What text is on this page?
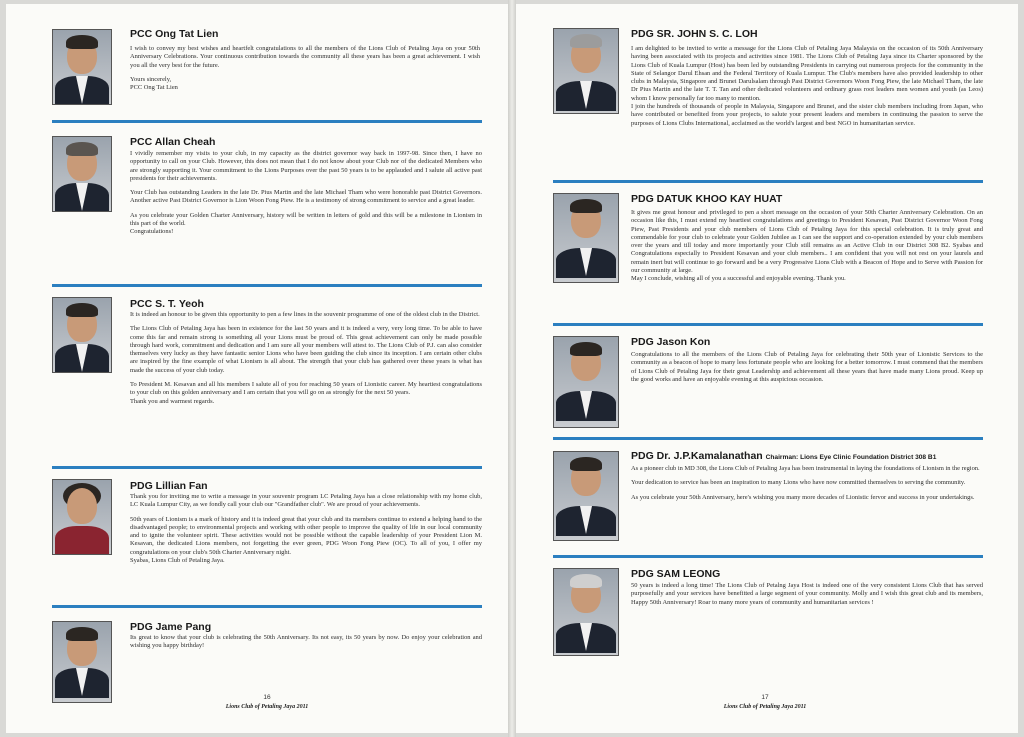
PCC Ong Tat Lien

I wish to convey my best wishes and heartfelt congratulations to all the members of the Lions Club of Petaling Jaya on your 50th Anniversary Celebrations. Your continuous contribution towards the community all these years has been a great achievement. I wish you all the very best for the future.

Yours sincerely,
PCC Ong Tat Lien

PCC Allan Cheah

I vividly remember my visits to your club, in my capacity as the district governor way back in 1997-98. Since then, I have no opportunity to call on your Club. However, this does not mean that I do not know about your Club nor of the dedicated Members who are strongly supporting it. Your commitment to the Lions Purposes over the past 50 years is to be applauded and I salute all active past presidents for their achievements.

Your Club has outstanding Leaders in the late Dr. Pius Martin and the late Michael Tham who were honorable past District Governors. Another active Past District Governor is Lion Woon Fong Piew. He is a testimony of strong commitment to service and a great leader.

As you celebrate your Golden Charter Anniversary, history will be written in letters of gold and this will be a milestone in Lionism in this part of the world.
Congratulations!

PCC S. T. Yeoh

It is indeed an honour to be given this opportunity to pen a few lines in the souvenir programme of one of the oldest club in the District.

The Lions Club of Petaling Jaya has been in existence for the last 50 years and it is indeed a very, very long time. To be able to have come this far and remain strong is something all your Lions must be proud of. This great achievement can only be made possible through hard work, commitment and dedication and I am sure all your members will attest to. The Lions Club of P.J. can also consider themselves very lucky as they have fantastic senior Lions who have been guiding the club since its inception. I am certain other clubs are inspired by the fine example of what Lionism is all about. The strength that your club has gathered over these years is what has made the success of your club today.

To President M. Kesavan and all his members I salute all of you for reaching 50 years of Lionistic career. My heartiest congratulations to your club on this golden anniversary and I am certain that you will go on as strongly for the next 50 years.
Thank you and warmest regards.

PDG Lillian Fan

Thank you for inviting me to write a message in your souvenir program LC Petaling Jaya has a close relationship with my home club, LC Kuala Lumpur City, as we fondly call your club our "Grandfather club". We are proud of your achievements.

50th years of Lionism is a mark of history and it is indeed great that your club and its members continue to extend a helping hand to the disadvantaged people; to environmental projects and working with other people to improve the quality of life in our local community and to ignite the volunteer spirit. These activities would not be possible without the capable leadership of your President Lion M. Kesavan, the dedicated Lions members, not forgetting the ever green, PDG Woon Fong Piew (OC). To all of you, I offer my congratulations on your club's 50th Charter Anniversary night.
Syabas, Lions Club of Petaling Jaya.

PDG Jame Pang

Its great to know that your club is celebrating the 50th Anniversary. Its not easy, its 50 years by now. Do enjoy your celebration and wishing you happy birthday!

16
Lions Club of Petaling Jaya 2011
PDG SR. JOHN S. C. LOH

I am delighted to be invited to write a message for the Lions Club of Petaling Jaya Malaysia on the occasion of its 50th Anniversary having been associated with its projects and activities since 1981. The Lions Club of Petaling Jaya since its Charter sponsored by the Lions Club of Kuala Lumpur (Host) has been led by outstanding Presidents in carrying out numerous projects for the community in the State of Selangor Darul Ehsan and the Federal Territory of Kuala Lumpur. The Club's members have also provided leadership to other clubs in Malaysia, Singapore and Brunei Darulsalam through Past District Governors Woon Fong Piew, the late Michael Tham, the late Dr Pius Martin and the late T. T. Tan and other dedicated volunteers and ordinary grass root leaders men women and youth (as Leos) whom I know personally far too many to mention.
I join the hundreds of thousands of people in Malaysia, Singapore and Brunei, and the sister club members including from Japan, who have contributed or benefited from your projects, to salute your present leaders and members in continuing the passion to serve the purposes of Lions Clubs International, acclaimed as the world's largest and best NGO in humanitarian service.

PDG DATUK KHOO KAY HUAT

It gives me great honour and privileged to pen a short message on the occasion of your 50th Charter Anniversary Celebration. On an occasion like this, I must extend my heartiest congratulations and greetings to President Kesavan, Past District Governor Woon Fong Piew, Past Presidents and your club members of Lions Club of Petaling Jaya for this special celebration. It is truly great and commendable for your club to celebrate your Golden Jubilee as I can see the support and co-operation extended by your club members over the years and till today and more importantly your Club still remains as an Active Club in our District 308 B2. Syabas and Congratulations especially to President Kesavan and your club members.. I am confident that you will not rest on your laurels and remain inert but will continue to go forward and be a very Progressive Lions Club with a Beacon of Hope and to Serve with Passion for our community at large.
May I conclude, wishing all of you a successful and enjoyable evening. Thank you.

PDG Jason Kon

Congratulations to all the members of the Lions Club of Petaling Jaya for celebrating their 50th year of Lionistic Services to the community as a beacon of hope to many less fortunate people who are looking for a better tomorrow. I must commend that the members of Lions Club of Petaling Jaya for their great Leadership and achievement all these years that have made many Lions proud. Keep up the good works and have an enjoyable evening at this auspicious occasion.

PDG Dr. J.P.Kamalanathan Chairman: Lions Eye Clinic Foundation District 308 B1

As a pioneer club in MD 308, the Lions Club of Petaling Jaya has been instrumental in laying the foundations of Lionism in the region.

Your dedication to service has been an inspiration to many Lions who have now committed themselves to serving the community.

As you celebrate your 50th Anniversary, here's wishing you many more decades of Lionistic fervor and success in your undertakings.

PDG SAM LEONG

50 years is indeed a long time! The Lions Club of Petalng Jaya Host is indeed one of the very consistent Lions Club that has served purposefully and your services have benefitted a large segment of your community. Molly and I wish this great club and its members, Happy 50th Anniversary! Roar to many more years of community and humanitarian services !

17
Lions Club of Petaling Jaya 2011
